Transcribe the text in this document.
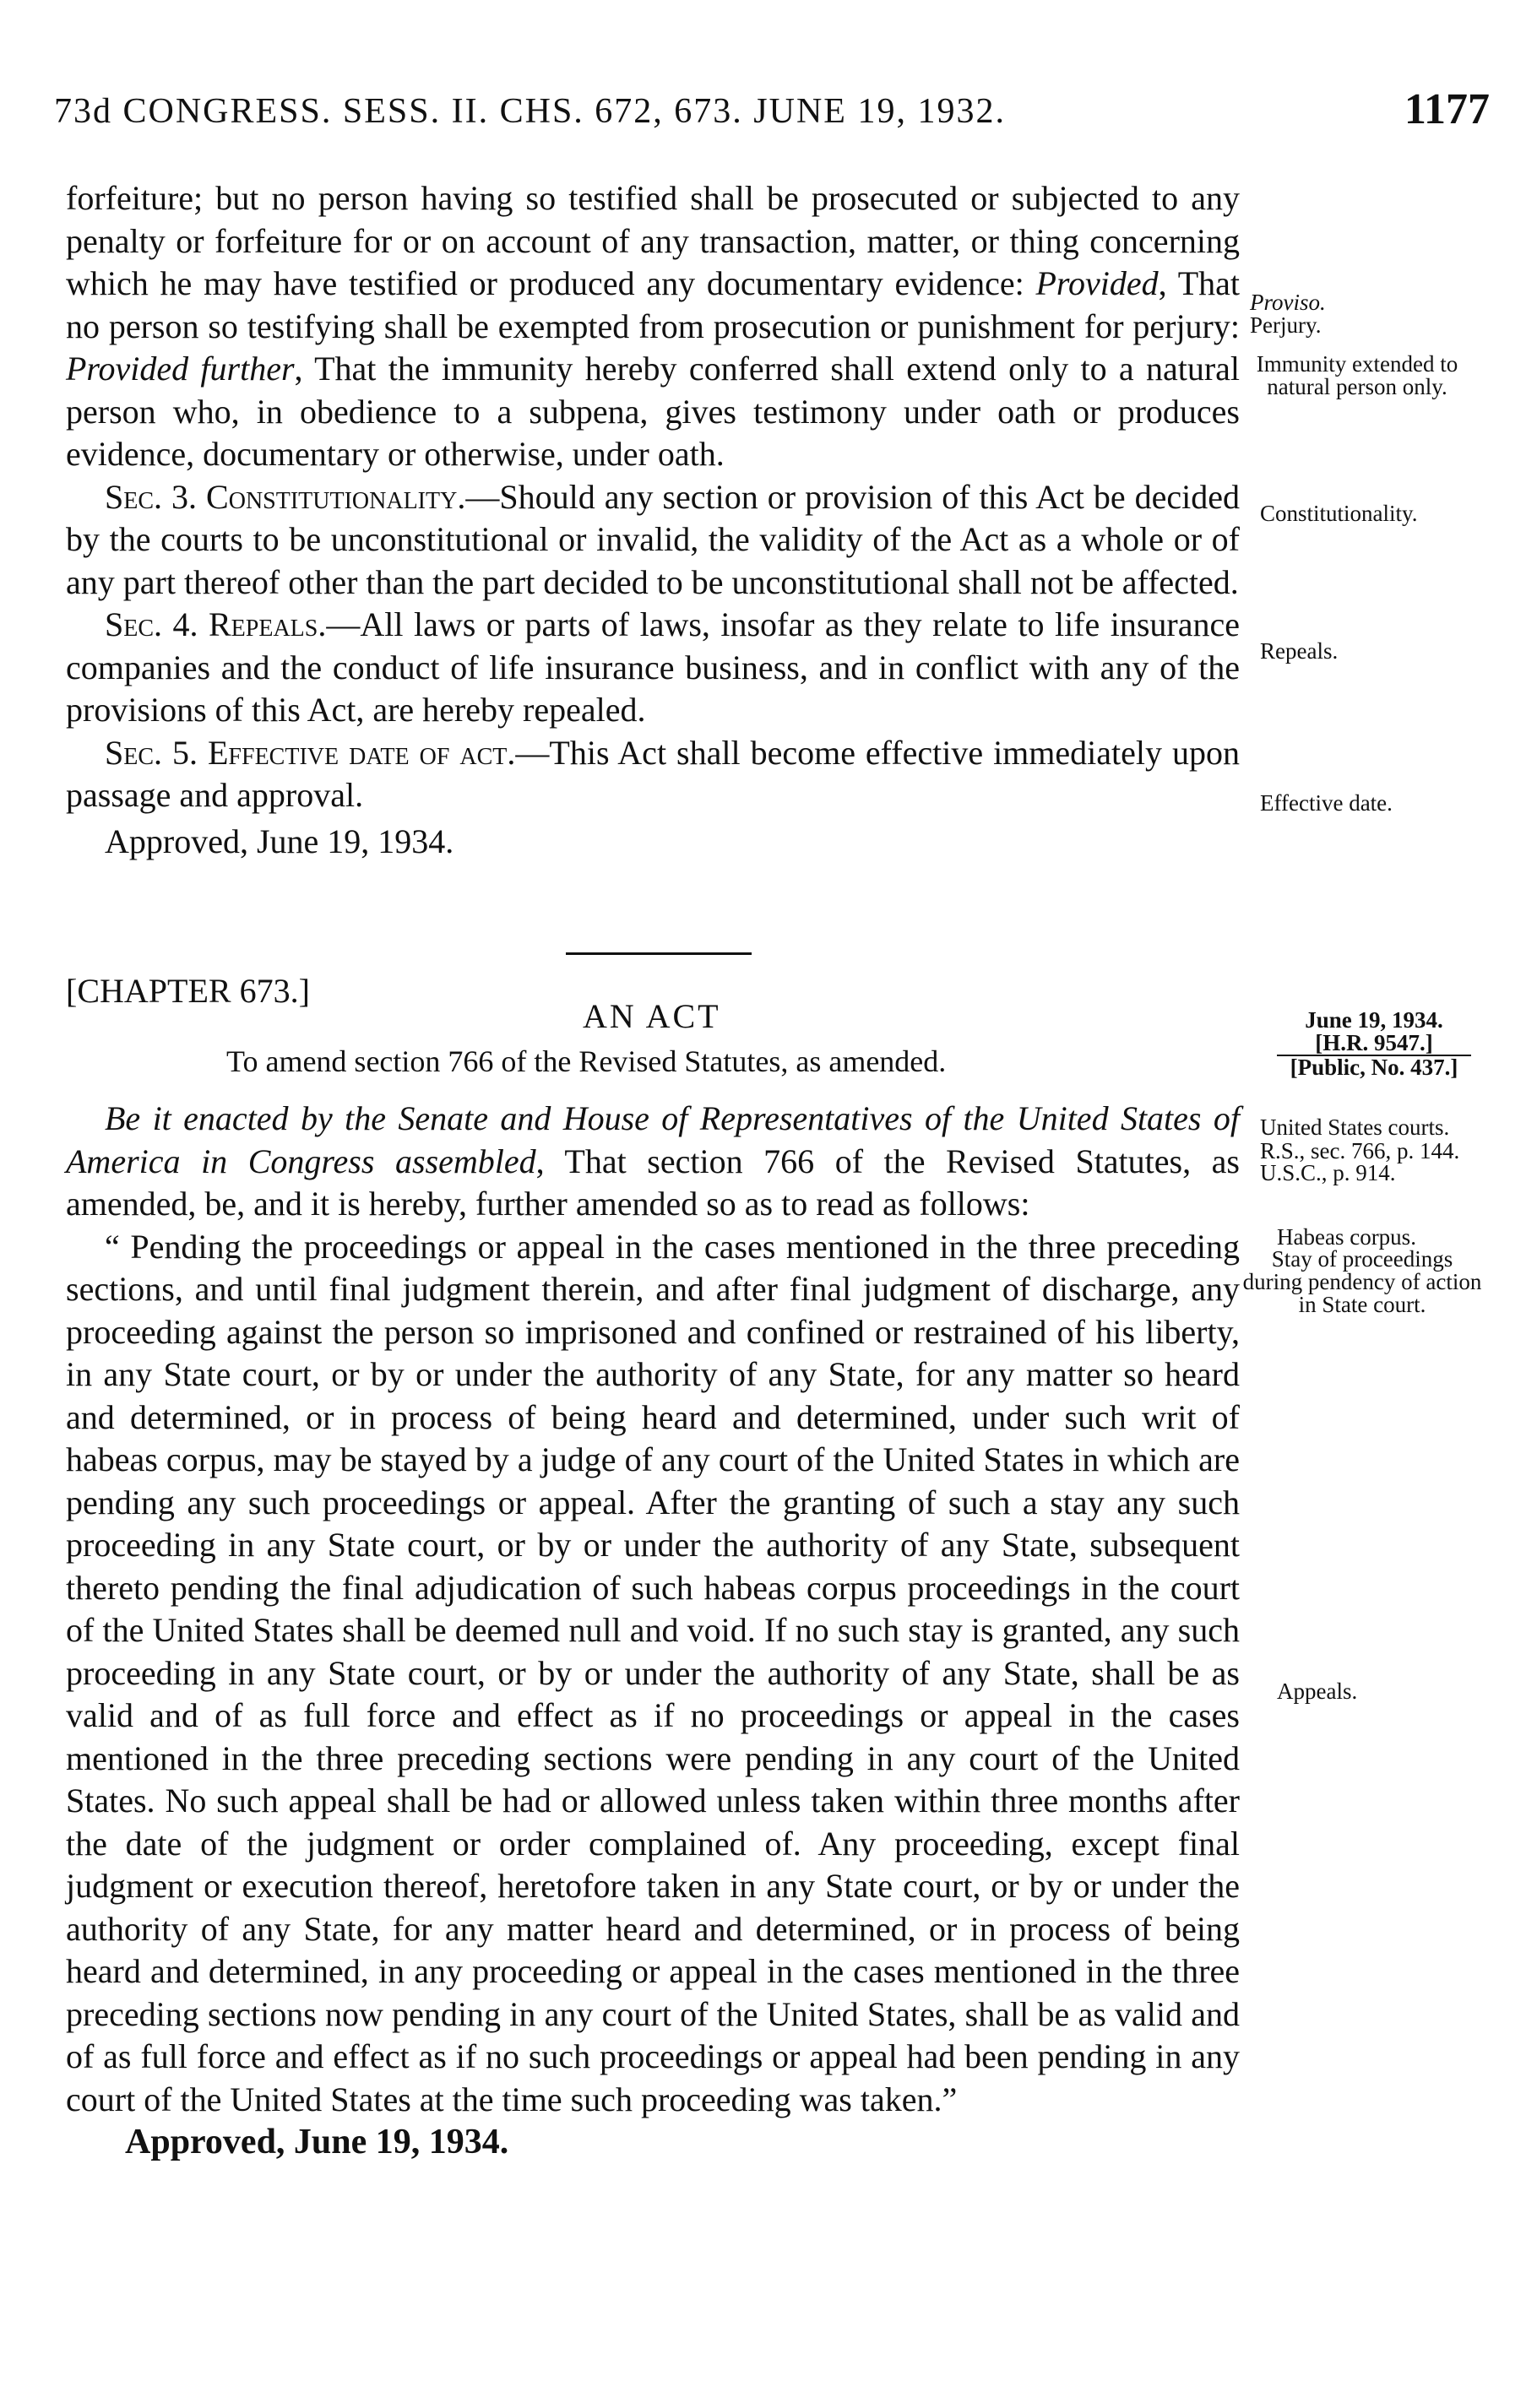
73d CONGRESS. SESS. II. CHS. 672, 673. JUNE 19, 1932.	1177

forfeiture; but no person having so testified shall be prosecuted or subjected to any penalty or forfeiture for or on account of any transaction, matter, or thing concerning which he may have testified or produced any documentary evidence: Provided, That no person so testifying shall be exempted from prosecution or punishment for perjury: Provided further, That the immunity hereby conferred shall extend only to a natural person who, in obedience to a subpena, gives testimony under oath or produces evidence, documentary or otherwise, under oath.

Sec. 3. Constitutionality.—Should any section or provision of this Act be decided by the courts to be unconstitutional or invalid, the validity of the Act as a whole or of any part thereof other than the part decided to be unconstitutional shall not be affected.

Sec. 4. Repeals.—All laws or parts of laws, insofar as they relate to life insurance companies and the conduct of life insurance business, and in conflict with any of the provisions of this Act, are hereby repealed.

Sec. 5. Effective date of act.—This Act shall become effective immediately upon passage and approval.

Approved, June 19, 1934.

Proviso.
Perjury.
Immunity extended to natural person only.
Constitutionality.
Repeals.
Effective date.
[CHAPTER 673.]
AN ACT
To amend section 766 of the Revised Statutes, as amended.
June 19, 1934.
[H.R. 9547.]
[Public, No. 437.]

Be it enacted by the Senate and House of Representatives of the United States of America in Congress assembled, That section 766 of the Revised Statutes, as amended, be, and it is hereby, further amended so as to read as follows:

“ Pending the proceedings or appeal in the cases mentioned in the three preceding sections, and until final judgment therein, and after final judgment of discharge, any proceeding against the person so imprisoned and confined or restrained of his liberty, in any State court, or by or under the authority of any State, for any matter so heard and determined, or in process of being heard and determined, under such writ of habeas corpus, may be stayed by a judge of any court of the United States in which are pending any such proceedings or appeal. After the granting of such a stay any such proceeding in any State court, or by or under the authority of any State, subsequent thereto pending the final adjudication of such habeas corpus proceedings in the court of the United States shall be deemed null and void. If no such stay is granted, any such proceeding in any State court, or by or under the authority of any State, shall be as valid and of as full force and effect as if no proceedings or appeal in the cases mentioned in the three preceding sections were pending in any court of the United States. No such appeal shall be had or allowed unless taken within three months after the date of the judgment or order complained of. Any proceeding, except final judgment or execution thereof, heretofore taken in any State court, or by or under the authority of any State, for any matter heard and determined, or in process of being heard and determined, in any proceeding or appeal in the cases mentioned in the three preceding sections now pending in any court of the United States, shall be as valid and of as full force and effect as if no such proceedings or appeal had been pending in any court of the United States at the time such proceeding was taken.”

Approved, June 19, 1934.

United States courts.
R.S., sec. 766, p. 144.
U.S.C., p. 914.
Habeas corpus.
Stay of proceedings during pendency of action in State court.
Appeals.
